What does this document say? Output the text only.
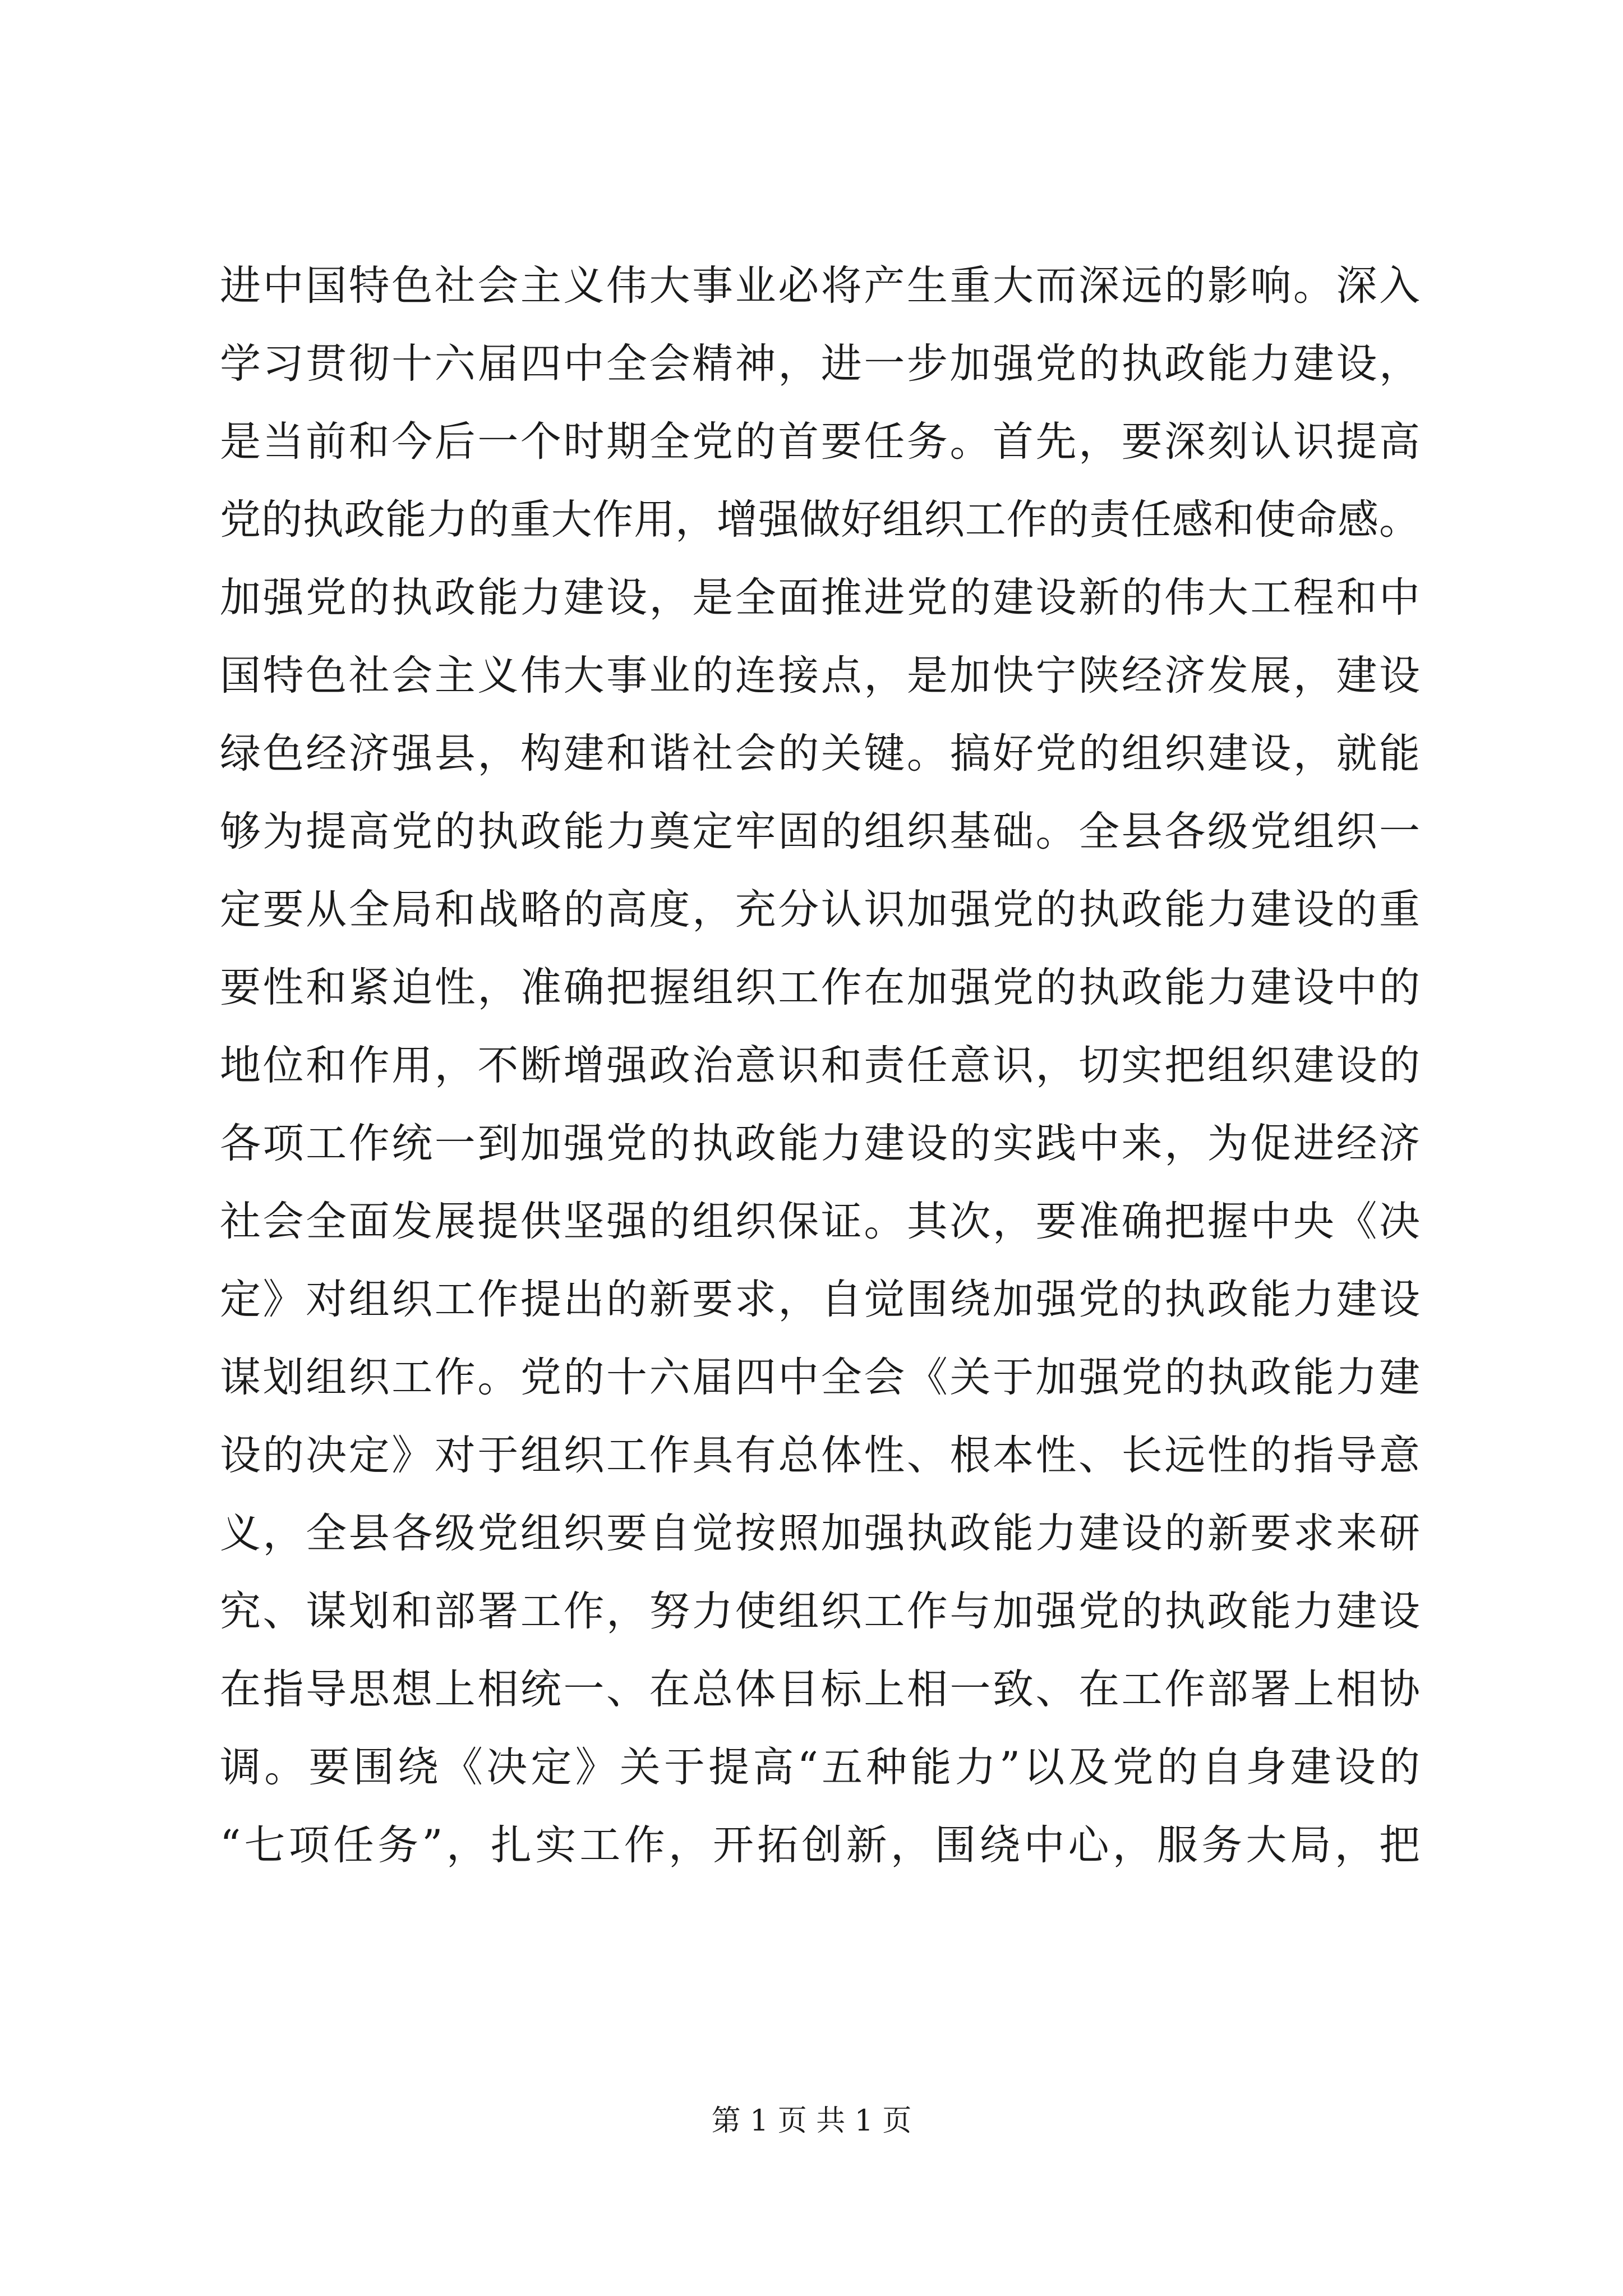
进中国特色社会主义伟大事业必将产生重大而深远的影响。深入
学习贯彻十六届四中全会精神，进一步加强党的执政能力建设，
是当前和今后一个时期全党的首要任务。首先，要深刻认识提高
党的执政能力的重大作用，增强做好组织工作的责任感和使命感。
加强党的执政能力建设，是全面推进党的建设新的伟大工程和中
国特色社会主义伟大事业的连接点，是加快宁陕经济发展，建设
绿色经济强县，构建和谐社会的关键。搞好党的组织建设，就能
够为提高党的执政能力奠定牢固的组织基础。全县各级党组织一
定要从全局和战略的高度，充分认识加强党的执政能力建设的重
要性和紧迫性，准确把握组织工作在加强党的执政能力建设中的
地位和作用，不断增强政治意识和责任意识，切实把组织建设的
各项工作统一到加强党的执政能力建设的实践中来，为促进经济
社会全面发展提供坚强的组织保证。其次，要准确把握中央《决
定》对组织工作提出的新要求，自觉围绕加强党的执政能力建设
谋划组织工作。党的十六届四中全会《关于加强党的执政能力建
设的决定》对于组织工作具有总体性、根本性、长远性的指导意
义，全县各级党组织要自觉按照加强执政能力建设的新要求来研
究、谋划和部署工作，努力使组织工作与加强党的执政能力建设
在指导思想上相统一、在总体目标上相一致、在工作部署上相协
调。要围绕《决定》关于提高“五种能力”以及党的自身建设的
“七项任务”，扎实工作，开拓创新，围绕中心，服务大局，把
第 1 页 共 1 页
